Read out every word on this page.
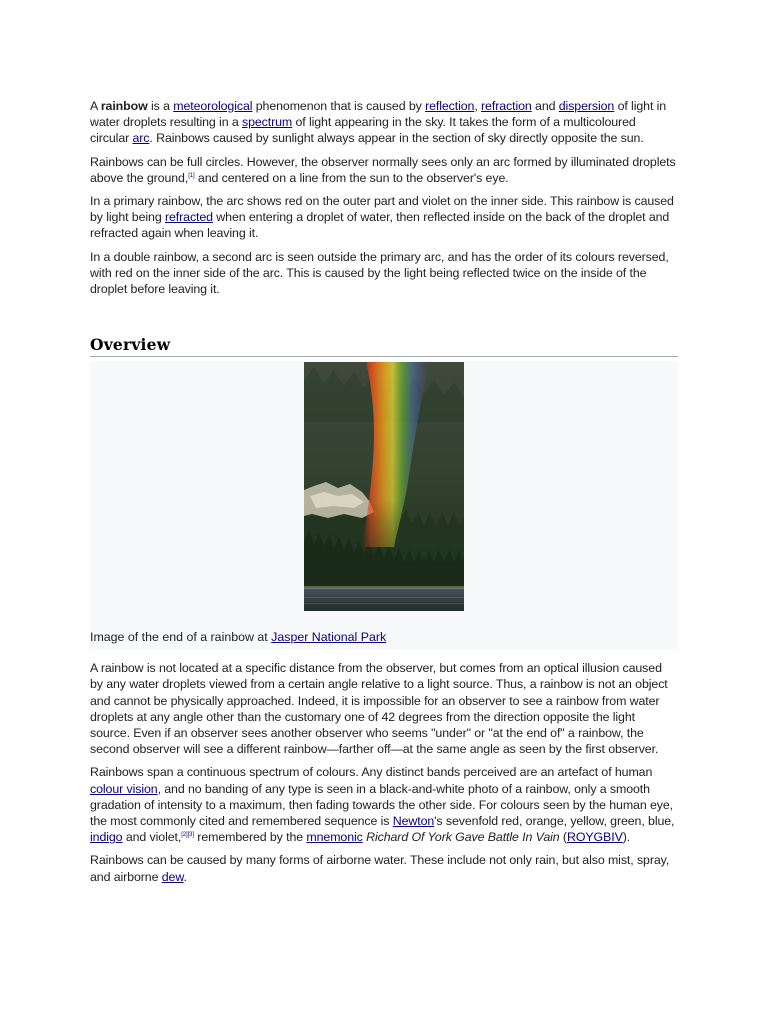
A rainbow is a meteorological phenomenon that is caused by reflection, refraction and dispersion of light in water droplets resulting in a spectrum of light appearing in the sky. It takes the form of a multicoloured circular arc. Rainbows caused by sunlight always appear in the section of sky directly opposite the sun.

Rainbows can be full circles. However, the observer normally sees only an arc formed by illuminated droplets above the ground,[1] and centered on a line from the sun to the observer's eye.

In a primary rainbow, the arc shows red on the outer part and violet on the inner side. This rainbow is caused by light being refracted when entering a droplet of water, then reflected inside on the back of the droplet and refracted again when leaving it.

In a double rainbow, a second arc is seen outside the primary arc, and has the order of its colours reversed, with red on the inner side of the arc. This is caused by the light being reflected twice on the inside of the droplet before leaving it.

Overview
Image of the end of a rainbow at Jasper National Park

A rainbow is not located at a specific distance from the observer, but comes from an optical illusion caused by any water droplets viewed from a certain angle relative to a light source. Thus, a rainbow is not an object and cannot be physically approached. Indeed, it is impossible for an observer to see a rainbow from water droplets at any angle other than the customary one of 42 degrees from the direction opposite the light source. Even if an observer sees another observer who seems "under" or "at the end of" a rainbow, the second observer will see a different rainbow—farther off—at the same angle as seen by the first observer.

Rainbows span a continuous spectrum of colours. Any distinct bands perceived are an artefact of human colour vision, and no banding of any type is seen in a black-and-white photo of a rainbow, only a smooth gradation of intensity to a maximum, then fading towards the other side. For colours seen by the human eye, the most commonly cited and remembered sequence is Newton's sevenfold red, orange, yellow, green, blue, indigo and violet,[2][3] remembered by the mnemonic Richard Of York Gave Battle In Vain (ROYGBIV).

Rainbows can be caused by many forms of airborne water. These include not only rain, but also mist, spray, and airborne dew.
